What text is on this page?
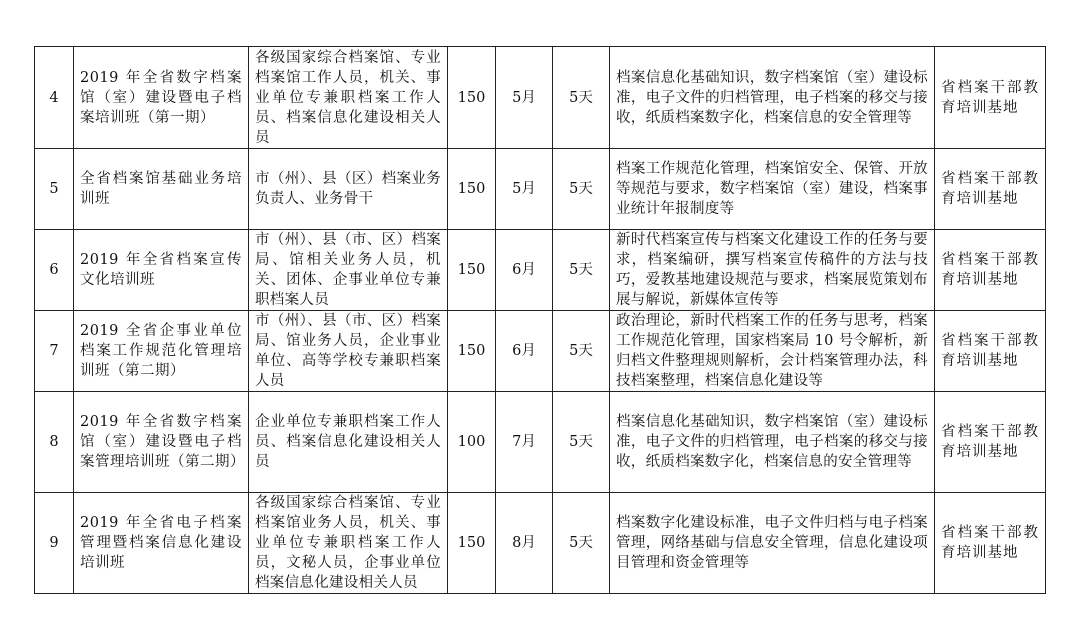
4	2019 年全省数字档案馆（室）建设暨电子档案培训班（第一期）	各级国家综合档案馆、专业档案馆工作人员，机关、事业单位专兼职档案工作人员、档案信息化建设相关人员	150	5月	5天	档案信息化基础知识，数字档案馆（室）建设标准，电子文件的归档管理，电子档案的移交与接收，纸质档案数字化，档案信息的安全管理等	省档案干部教育培训基地
5	全省档案馆基础业务培训班	市（州）、县（区）档案业务负责人、业务骨干	150	5月	5天	档案工作规范化管理，档案馆安全、保管、开放等规范与要求，数字档案馆（室）建设，档案事业统计年报制度等	省档案干部教育培训基地
6	2019 年全省档案宣传文化培训班	市（州）、县（市、区）档案局、馆相关业务人员，机关、团体、企事业单位专兼职档案人员	150	6月	5天	新时代档案宣传与档案文化建设工作的任务与要求，档案编研，撰写档案宣传稿件的方法与技巧，爱教基地建设规范与要求，档案展览策划布展与解说，新媒体宣传等	省档案干部教育培训基地
7	2019 全省企事业单位档案工作规范化管理培训班（第二期）	市（州）、县（市、区）档案局、馆业务人员，企业事业单位、高等学校专兼职档案人员	150	6月	5天	政治理论，新时代档案工作的任务与思考，档案工作规范化管理，国家档案局 10 号令解析，新归档文件整理规则解析，会计档案管理办法，科技档案整理，档案信息化建设等	省档案干部教育培训基地
8	2019 年全省数字档案馆（室）建设暨电子档案管理培训班（第二期）	企业单位专兼职档案工作人员、档案信息化建设相关人员	100	7月	5天	档案信息化基础知识，数字档案馆（室）建设标准，电子文件的归档管理，电子档案的移交与接收，纸质档案数字化，档案信息的安全管理等	省档案干部教育培训基地
9	2019 年全省电子档案管理暨档案信息化建设培训班	各级国家综合档案馆、专业档案馆业务人员，机关、事业单位专兼职档案工作人员，文秘人员，企事业单位档案信息化建设相关人员	150	8月	5天	档案数字化建设标准，电子文件归档与电子档案管理，网络基础与信息安全管理，信息化建设项目管理和资金管理等	省档案干部教育培训基地
